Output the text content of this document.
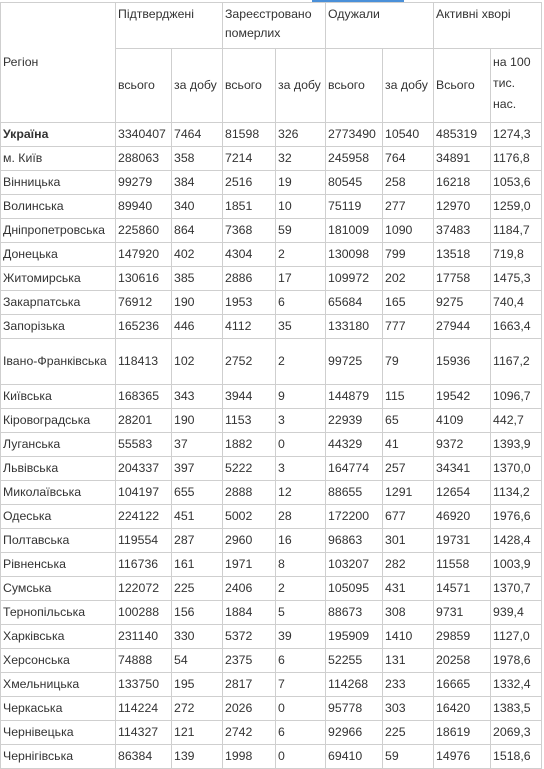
Регіон	Підтверджені		Зареєстровано померлих		Одужали		Активні хворі	
	всього	за добу	всього	за добу	всього	за добу	Всього	на 100 тис. нас.
Україна	3340407	7464	81598	326	2773490	10540	485319	1274,3
м. Київ	288063	358	7214	32	245958	764	34891	1176,8
Вінницька	99279	384	2516	19	80545	258	16218	1053,6
Волинська	89940	340	1851	10	75119	277	12970	1259,0
Дніпропетровська	225860	864	7368	59	181009	1090	37483	1184,7
Донецька	147920	402	4304	2	130098	799	13518	719,8
Житомирська	130616	385	2886	17	109972	202	17758	1475,3
Закарпатська	76912	190	1953	6	65684	165	9275	740,4
Запорізька	165236	446	4112	35	133180	777	27944	1663,4
Івано-Франківська	118413	102	2752	2	99725	79	15936	1167,2
Київська	168365	343	3944	9	144879	115	19542	1096,7
Кіровоградська	28201	190	1153	3	22939	65	4109	442,7
Луганська	55583	37	1882	0	44329	41	9372	1393,9
Львівська	204337	397	5222	3	164774	257	34341	1370,0
Миколаївська	104197	655	2888	12	88655	1291	12654	1134,2
Одеська	224122	451	5002	28	172200	677	46920	1976,6
Полтавська	119554	287	2960	16	96863	301	19731	1428,4
Рівненська	116736	161	1971	8	103207	282	11558	1003,9
Сумська	122072	225	2406	2	105095	431	14571	1370,7
Тернопільська	100288	156	1884	5	88673	308	9731	939,4
Харківська	231140	330	5372	39	195909	1410	29859	1127,0
Херсонська	74888	54	2375	6	52255	131	20258	1978,6
Хмельницька	133750	195	2817	7	114268	233	16665	1332,4
Черкаська	114224	272	2026	0	95778	303	16420	1383,5
Чернівецька	114327	121	2742	6	92966	225	18619	2069,3
Чернігівська	86384	139	1998	0	69410	59	14976	1518,6
